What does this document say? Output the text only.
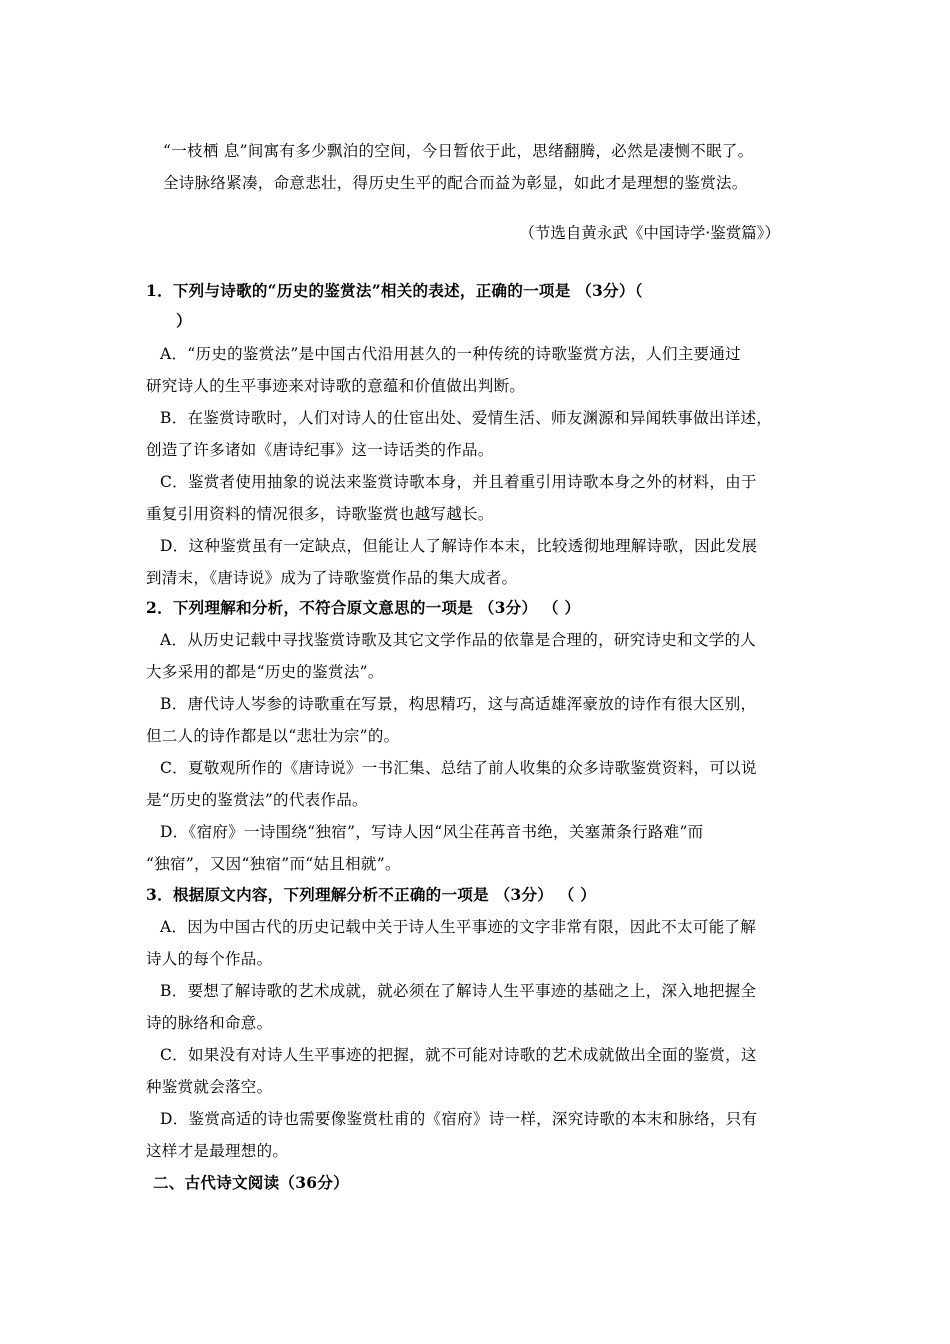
“一枝栖 息”间寓有多少飘泊的空间，今日暂依于此，思绪翻腾，必然是凄恻不眠了。
全诗脉络紧凑，命意悲壮，得历史生平的配合而益为彰显，如此才是理想的鉴赏法。
（节选自黄永武《中国诗学·鉴赏篇》）
1．下列与诗歌的“历史的鉴赏法”相关的表述，正确的一项是 （3分）（
）
A．“历史的鉴赏法”是中国古代沿用甚久的一种传统的诗歌鉴赏方法，人们主要通过
研究诗人的生平事迹来对诗歌的意蕴和价值做出判断。
B．在鉴赏诗歌时，人们对诗人的仕宦出处、爱情生活、师友渊源和异闻轶事做出详述，
创造了许多诸如《唐诗纪事》这一诗话类的作品。
C．鉴赏者使用抽象的说法来鉴赏诗歌本身，并且着重引用诗歌本身之外的材料，由于
重复引用资料的情况很多，诗歌鉴赏也越写越长。
D．这种鉴赏虽有一定缺点，但能让人了解诗作本末，比较透彻地理解诗歌，因此发展
到清末，《唐诗说》成为了诗歌鉴赏作品的集大成者。
2．下列理解和分析，不符合原文意思的一项是 （3分） （ ）
A．从历史记载中寻找鉴赏诗歌及其它文学作品的依靠是合理的，研究诗史和文学的人
大多采用的都是“历史的鉴赏法”。
B．唐代诗人岑参的诗歌重在写景，构思精巧，这与高适雄浑豪放的诗作有很大区别，
但二人的诗作都是以“悲壮为宗”的。
C．夏敬观所作的《唐诗说》一书汇集、总结了前人收集的众多诗歌鉴赏资料，可以说
是“历史的鉴赏法”的代表作品。
D．《宿府》一诗围绕“独宿”，写诗人因“风尘荏苒音书绝，关塞萧条行路难”而
“独宿”，又因“独宿”而“姑且相就”。
3．根据原文内容，下列理解分析不正确的一项是 （3分） （ ）
A．因为中国古代的历史记载中关于诗人生平事迹的文字非常有限，因此不太可能了解
诗人的每个作品。
B．要想了解诗歌的艺术成就，就必须在了解诗人生平事迹的基础之上，深入地把握全
诗的脉络和命意。
C．如果没有对诗人生平事迹的把握，就不可能对诗歌的艺术成就做出全面的鉴赏，这
种鉴赏就会落空。
D．鉴赏高适的诗也需要像鉴赏杜甫的《宿府》诗一样，深究诗歌的本末和脉络，只有
这样才是最理想的。
二、古代诗文阅读（36分）
